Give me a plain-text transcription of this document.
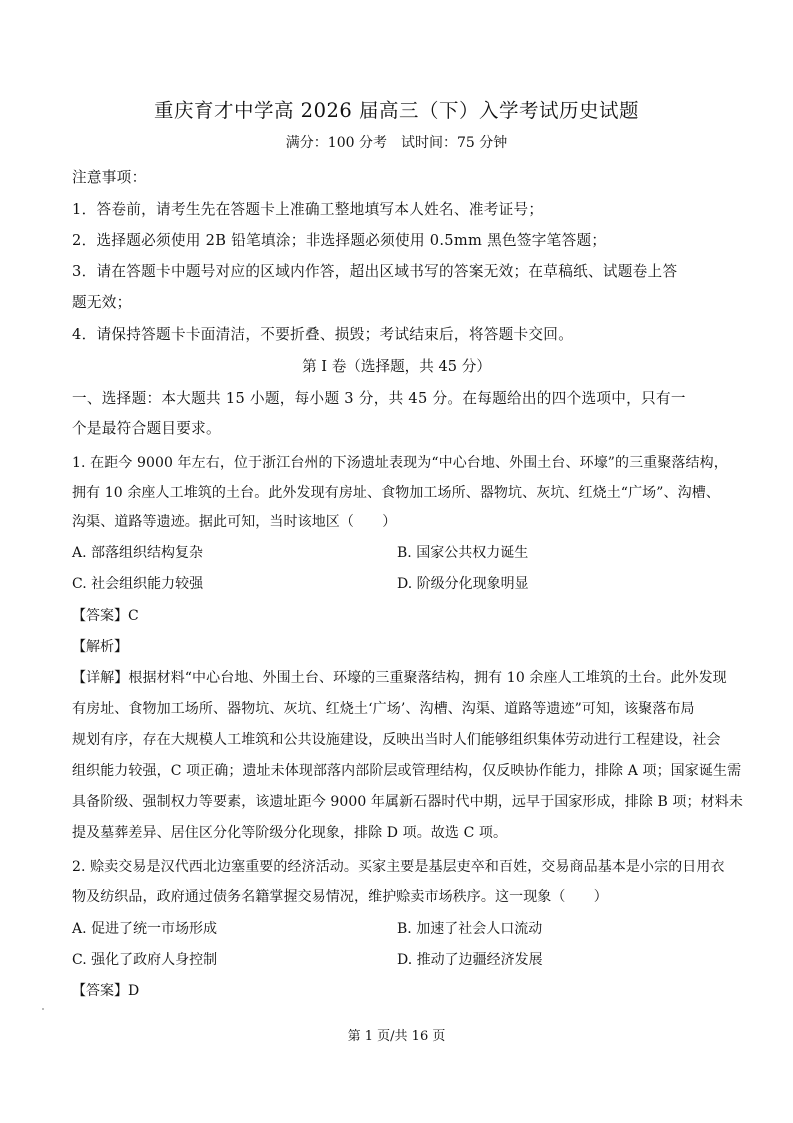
重庆育才中学高 2026 届高三（下）入学考试历史试题
满分：100 分考　试时间：75 分钟
注意事项：
1．答卷前，请考生先在答题卡上准确工整地填写本人姓名、准考证号；
2．选择题必须使用 2B 铅笔填涂；非选择题必须使用 0.5mm 黑色签字笔答题；
3．请在答题卡中题号对应的区域内作答，超出区域书写的答案无效；在草稿纸、试题卷上答
题无效；
4．请保持答题卡卡面清洁，不要折叠、损毁；考试结束后，将答题卡交回。
第 I 卷（选择题，共 45 分）
一、选择题：本大题共 15 小题，每小题 3 分，共 45 分。在每题给出的四个选项中，只有一
个是最符合题目要求。
1. 在距今 9000 年左右，位于浙江台州的下汤遗址表现为“中心台地、外围土台、环壕”的三重聚落结构，
拥有 10 余座人工堆筑的土台。此外发现有房址、食物加工场所、器物坑、灰坑、红烧土“广场”、沟槽、
沟渠、道路等遗迹。据此可知，当时该地区（　　）
A. 部落组织结构复杂	B. 国家公共权力诞生
C. 社会组织能力较强	D. 阶级分化现象明显
【答案】C
【解析】
【详解】根据材料“中心台地、外围土台、环壕的三重聚落结构，拥有 10 余座人工堆筑的土台。此外发现
有房址、食物加工场所、器物坑、灰坑、红烧土‘广场’、沟槽、沟渠、道路等遗迹”可知，该聚落布局
规划有序，存在大规模人工堆筑和公共设施建设，反映出当时人们能够组织集体劳动进行工程建设，社会
组织能力较强，C 项正确；遗址未体现部落内部阶层或管理结构，仅反映协作能力，排除 A 项；国家诞生需
具备阶级、强制权力等要素，该遗址距今 9000 年属新石器时代中期，远早于国家形成，排除 B 项；材料未
提及墓葬差异、居住区分化等阶级分化现象，排除 D 项。故选 C 项。
2. 赊卖交易是汉代西北边塞重要的经济活动。买家主要是基层吏卒和百姓，交易商品基本是小宗的日用衣
物及纺织品，政府通过债务名籍掌握交易情况，维护赊卖市场秩序。这一现象（　　）
A. 促进了统一市场形成	B. 加速了社会人口流动
C. 强化了政府人身控制	D. 推动了边疆经济发展
【答案】D
第 1 页/共 16 页
